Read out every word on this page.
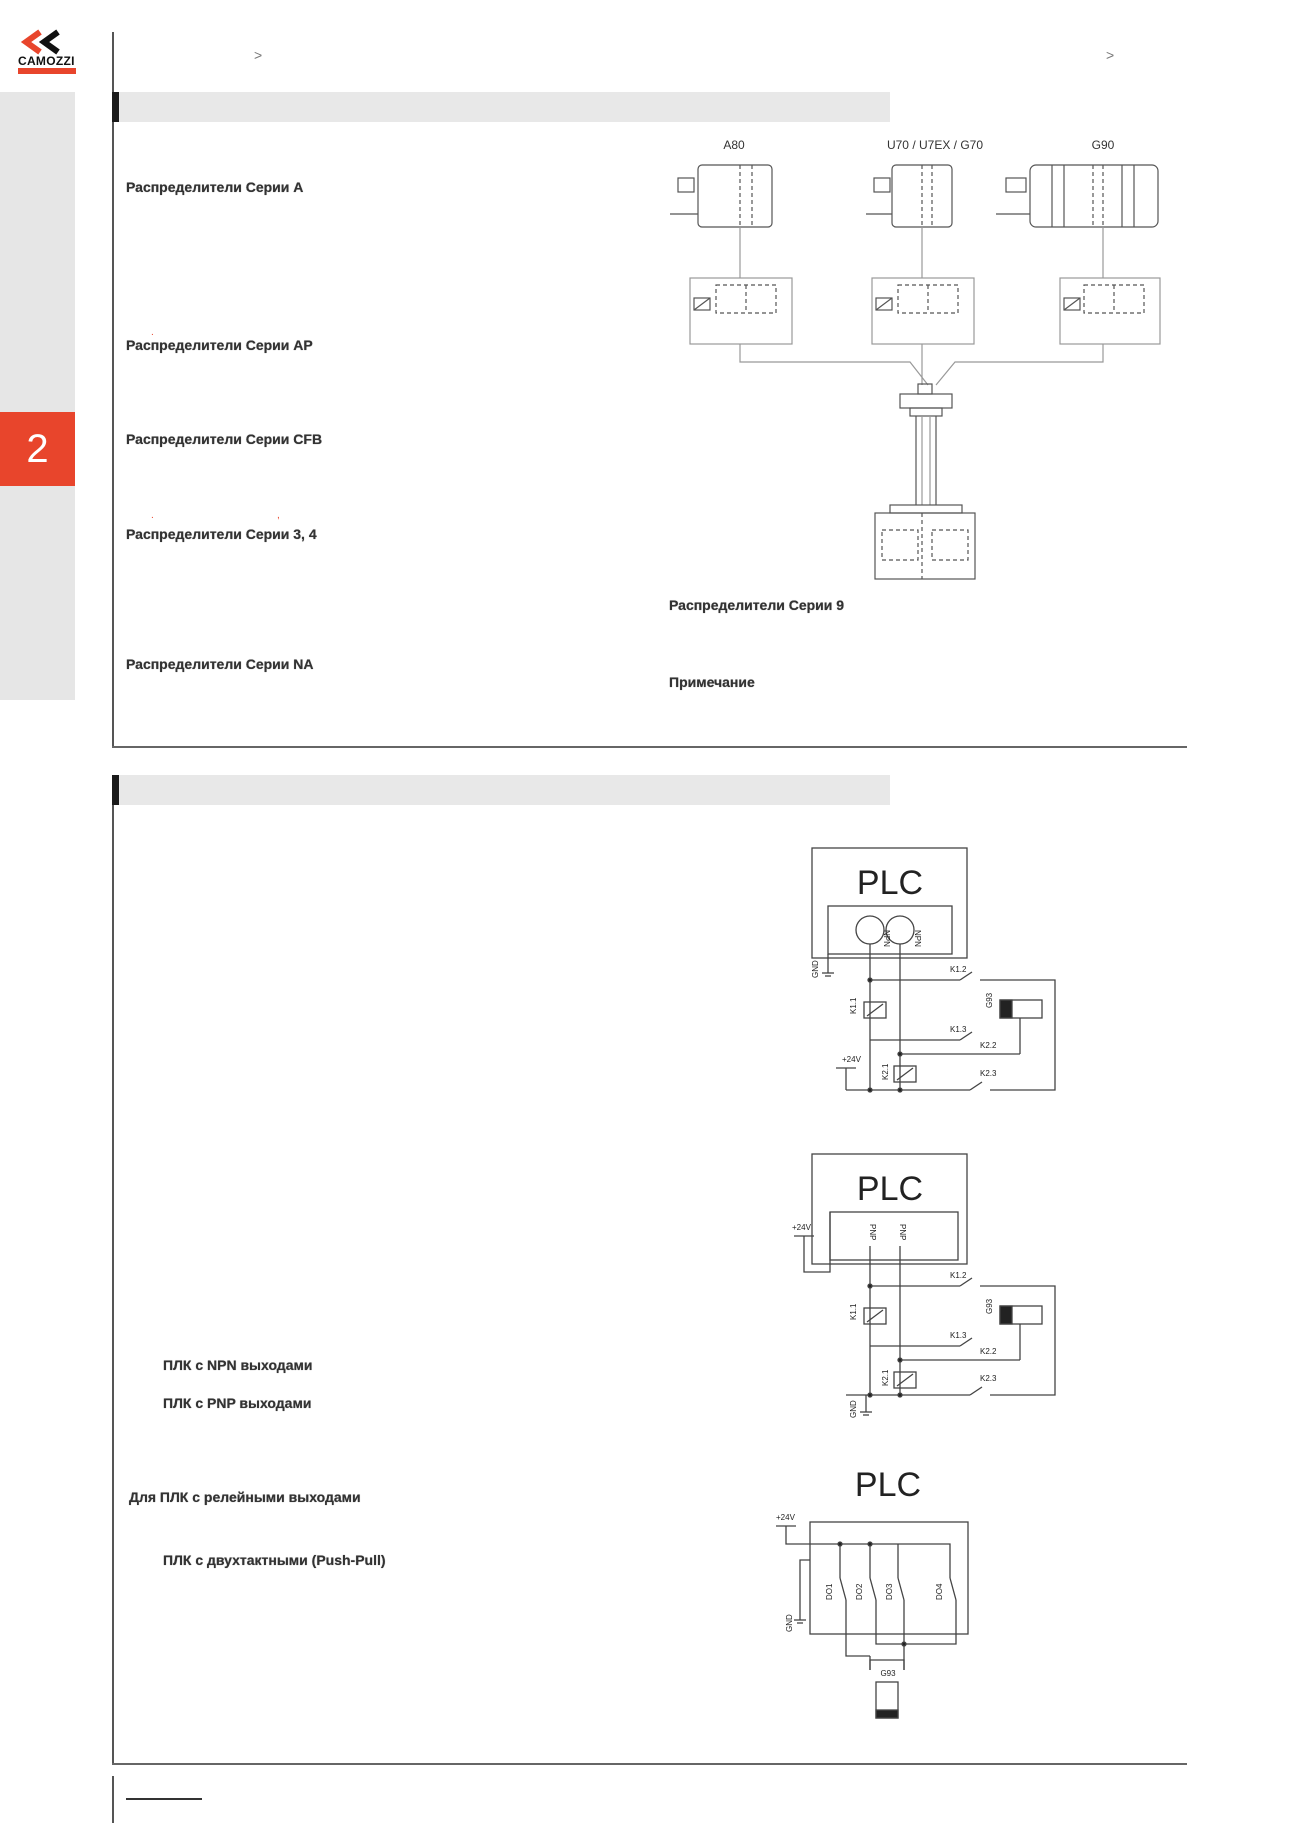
CAMOZZI
2
>	>
Распределители Серии A
.
Распределители Серии AP
Распределители Серии CFB
.	,
Распределители Серии 3, 4
Распределители Серии NA
Распределители Серии 9
Примечание
ПЛК с NPN выходами
ПЛК с PNP выходами
Для ПЛК с релейными выходами
ПЛК с двухтактными (Push-Pull)
A80	U70 / U7EX / G70	G90
PLC
NPN	NPN
GND	K1.2
K1.1
K1.3
+24V
K2.1	K2.3
G93
K2.2
PLC
PNP	PNP
+24V
K1.2
K1.1
K1.3
K2.1	K2.3
GND
G93
K2.2
PLC
+24V
GND
DO1	DO2	DO3	DO4
G93
